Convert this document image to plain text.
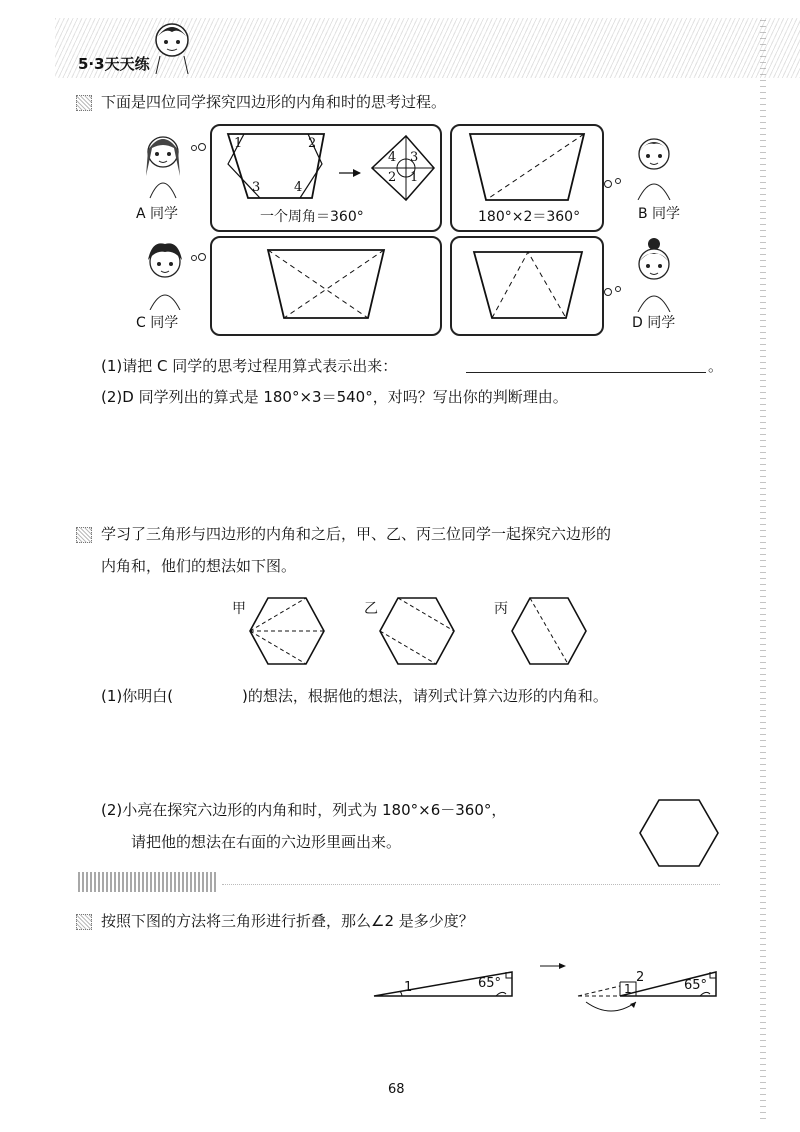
5·3天天练
下面是四位同学探究四边形的内角和时的思考过程。
A 同学
1	2
3	4
4 3
2 1
一个周角＝360°	180°×2＝360°	B 同学
C 同学	D 同学
(1)请把 C 同学的思考过程用算式表示出来：	。
(2)D 同学列出的算式是 180°×3＝540°，对吗？写出你的判断理由。
学习了三角形与四边形的内角和之后，甲、乙、丙三位同学一起探究六边形的
内角和，他们的想法如下图。
甲	乙	丙
(1)你明白(	)的想法，根据他的想法，请列式计算六边形的内角和。
(2)小亮在探究六边形的内角和时，列式为 180°×6－360°，
请把他的想法在右面的六边形里画出来。
按照下图的方法将三角形进行折叠，那么∠2 是多少度？
1	65°	2
1	65°
68
